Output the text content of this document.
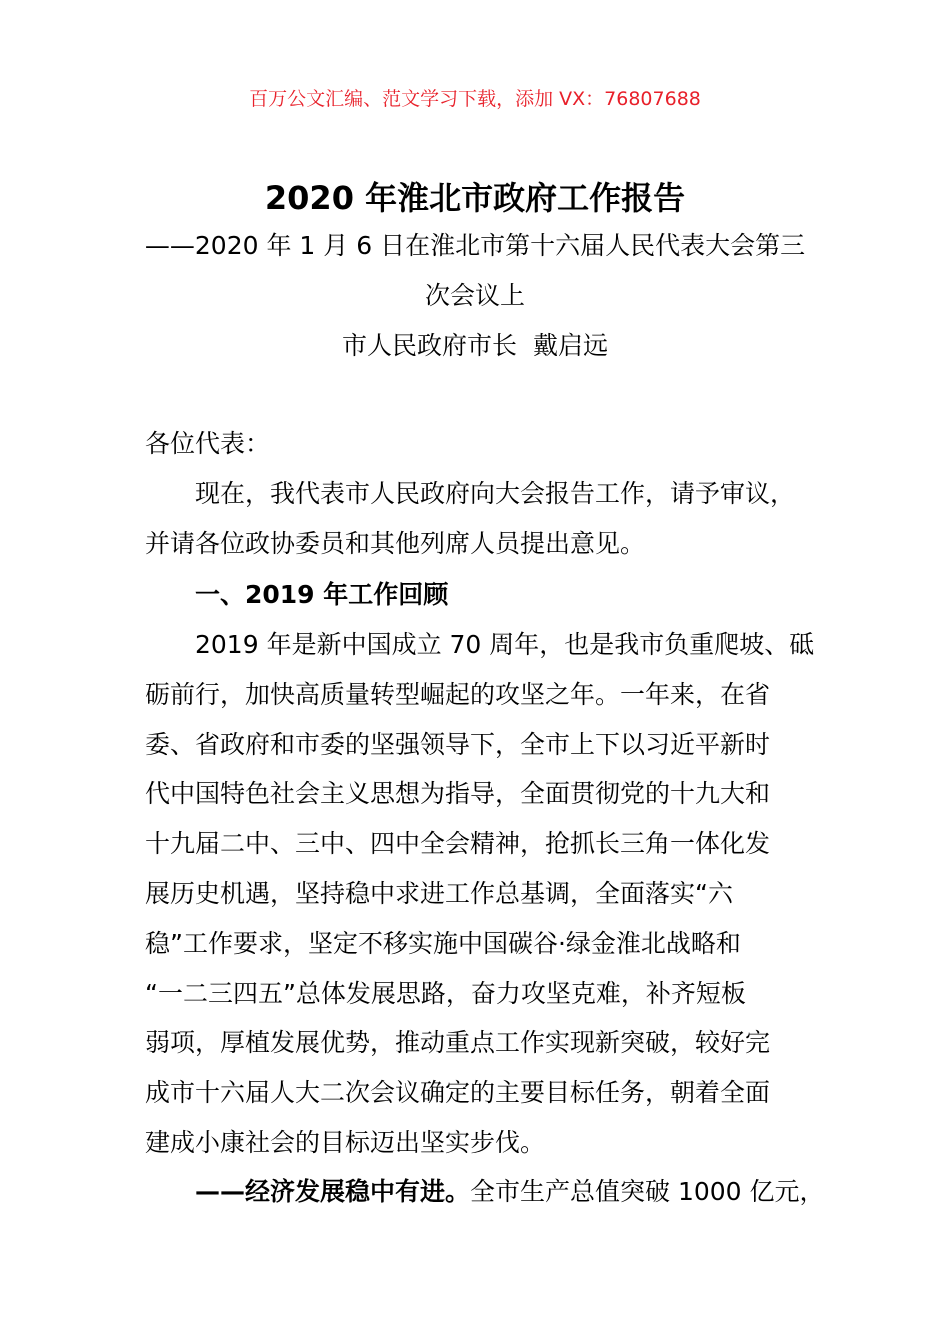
百万公文汇编、范文学习下载，添加 VX：76807688
2020 年淮北市政府工作报告
——2020 年 1 月 6 日在淮北市第十六届人民代表大会第三
次会议上
市人民政府市长  戴启远
各位代表：
现在，我代表市人民政府向大会报告工作，请予审议，
并请各位政协委员和其他列席人员提出意见。
一、2019 年工作回顾
2019 年是新中国成立 70 周年，也是我市负重爬坡、砥
砺前行，加快高质量转型崛起的攻坚之年。一年来，在省
委、省政府和市委的坚强领导下，全市上下以习近平新时
代中国特色社会主义思想为指导，全面贯彻党的十九大和
十九届二中、三中、四中全会精神，抢抓长三角一体化发
展历史机遇，坚持稳中求进工作总基调，全面落实“六
稳”工作要求，坚定不移实施中国碳谷·绿金淮北战略和
“一二三四五”总体发展思路，奋力攻坚克难，补齐短板
弱项，厚植发展优势，推动重点工作实现新突破，较好完
成市十六届人大二次会议确定的主要目标任务，朝着全面
建成小康社会的目标迈出坚实步伐。
——经济发展稳中有进。全市生产总值突破 1000 亿元，
